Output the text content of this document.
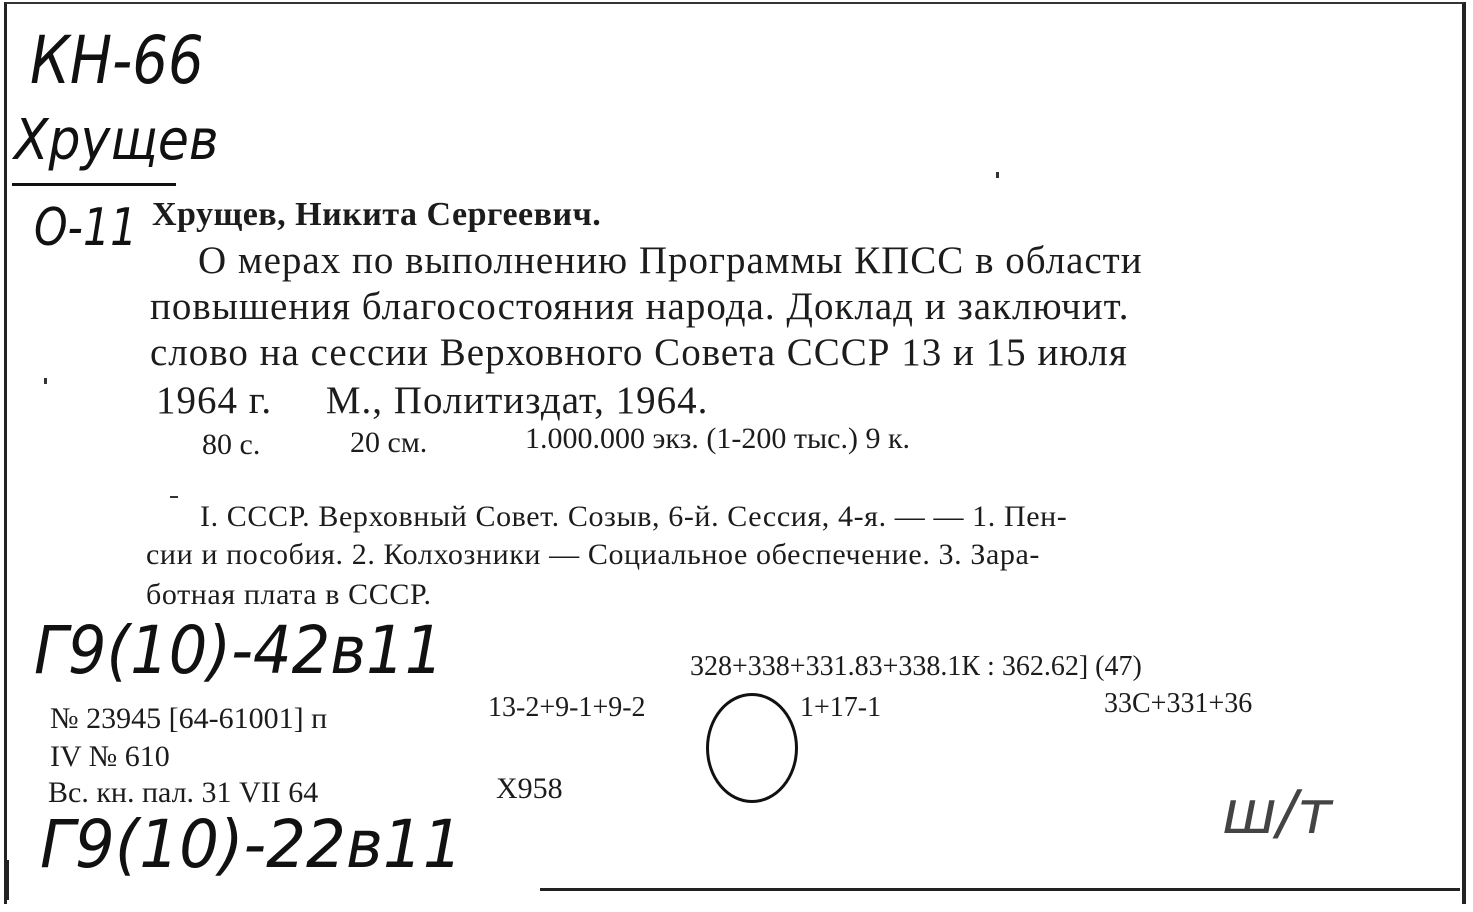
КН-66
Хрущев
О-11 Хрущев, Никита Сергеевич.
О мерах по выполнению Программы КПСС в области
повышения благосостояния народа. Доклад и заключит.
слово на сессии Верховного Совета СССР 13 и 15 июля
1964 г.     М., Политиздат, 1964.
80 с.	20 см.	1.000.000 экз. (1-200 тыс.) 9 к.
I. СССР. Верховный Совет. Созыв, 6-й. Сессия, 4-я. — — 1. Пен-
сии и пособия. 2. Колхозники — Социальное обеспечение. 3. Зара-
ботная плата в СССР.
Г9(10)-42в11	328+338+331.83+338.1К : 362.62] (47)
13-2+9-1+9-2	1+17-1	33С+331+36
№ 23945 [64-61001] п
IV № 610
Вс. кн. пал. 31 VII 64	Х958
Г9(10)-22в11	ш/т
